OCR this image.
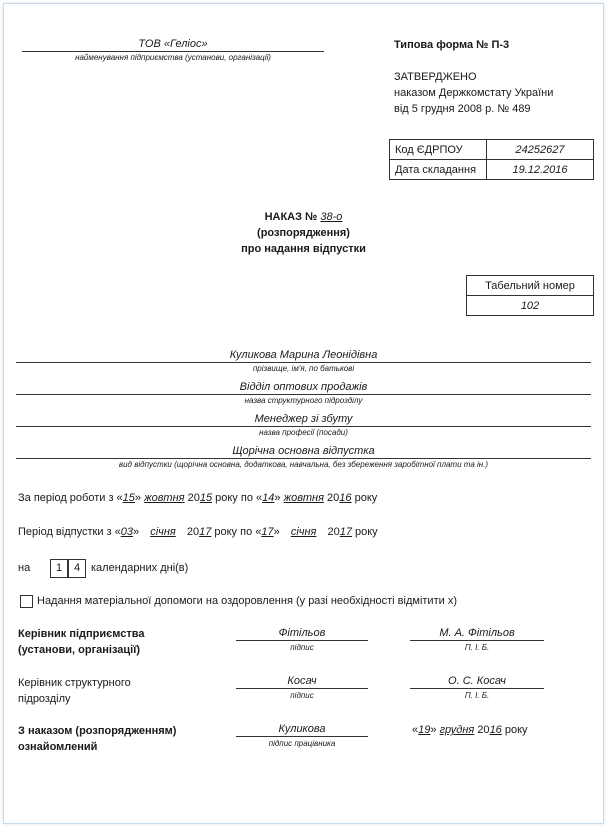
ТОВ «Геліос»
найменування підприємства (установи, організації)
Типова форма № П-3
ЗАТВЕРДЖЕНО
наказом Держкомстату України
від 5 грудня 2008 р. № 489
Код ЄДРПОУ	24252627
Дата складання	19.12.2016
НАКАЗ № 38-о
(розпорядження)
про надання відпустки
Табельний номер
102
Куликова Марина Леонідівна
прізвище, ім'я, по батькові
Відділ оптових продажів
назва структурного підрозділу
Менеджер зі збуту
назва професії (посади)
Щорічна основна відпустка
вид відпустки (щорічна основна, додаткова, навчальна, без збереження заробітної плати та ін.)
За період роботи з «15» жовтня 2015 року по «14» жовтня 2016 року
Період відпустки з «03» січня 2017 року по «17» січня 2017 року
на	1	4 календарних дні(в)
Надання матеріальної допомоги на оздоровлення (у разі необхідності відмітити х)
Керівник підприємства
(установи, організації)
Фітільов
підпис
М. А. Фітільов
П. І. Б.
Керівник структурного
підрозділу
Косач
підпис
О. С. Косач
П. І. Б.
З наказом (розпорядженням)
ознайомлений
Куликова
підпис працівника
«19» грудня 2016 року
